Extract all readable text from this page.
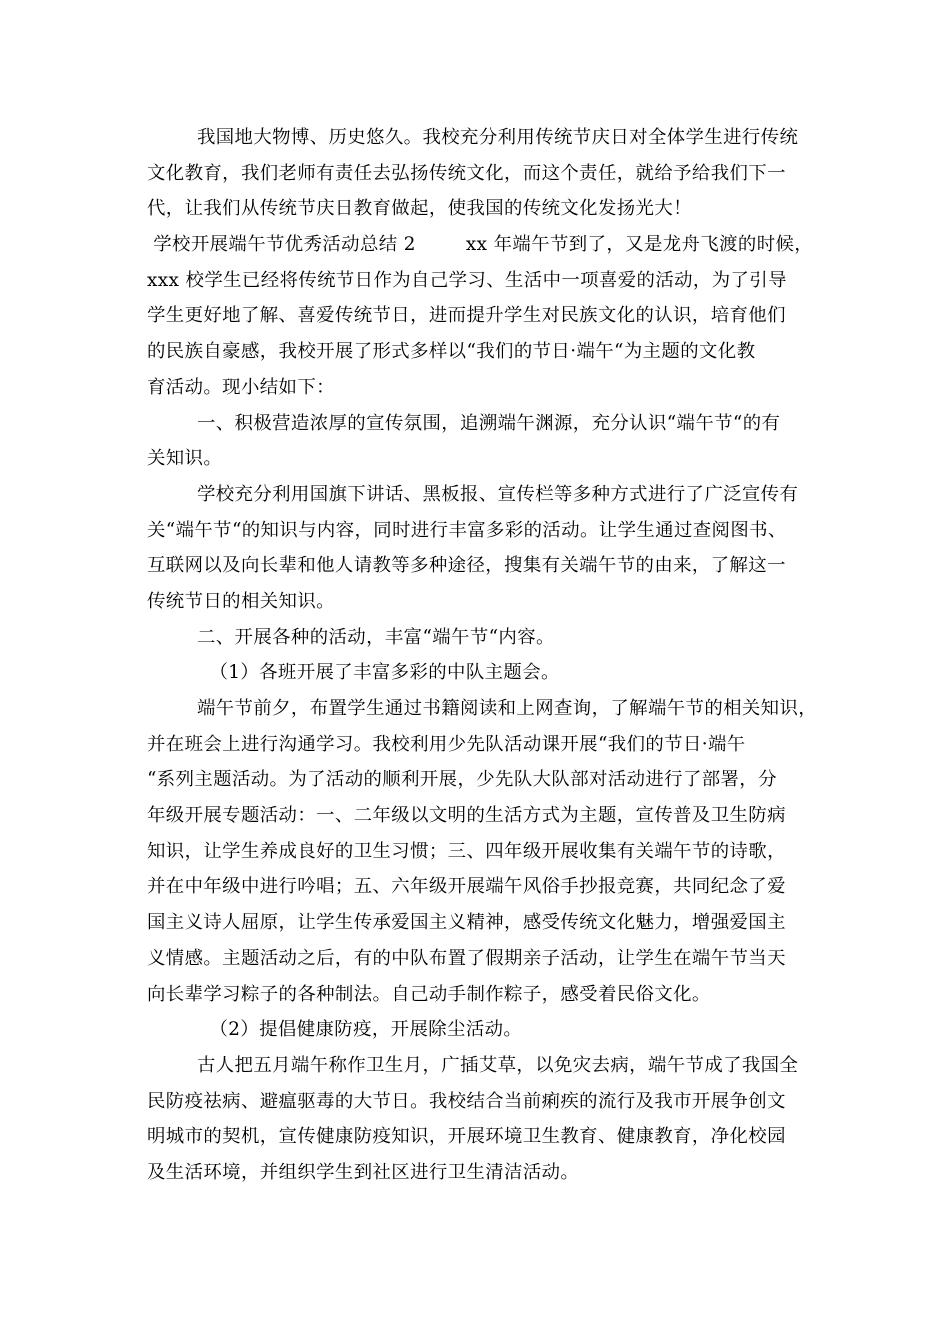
我国地大物博、历史悠久。我校充分利用传统节庆日对全体学生进行传统
文化教育，我们老师有责任去弘扬传统文化，而这个责任，就给予给我们下一
代，让我们从传统节庆日教育做起，使我国的传统文化发扬光大！
学校开展端午节优秀活动总结 2        xx 年端午节到了，又是龙舟飞渡的时候，
xxx 校学生已经将传统节日作为自己学习、生活中一项喜爱的活动，为了引导
学生更好地了解、喜爱传统节日，进而提升学生对民族文化的认识，培育他们
的民族自豪感，我校开展了形式多样以“我们的节日·端午“为主题的文化教
育活动。现小结如下：
一、积极营造浓厚的宣传氛围，追溯端午渊源，充分认识“端午节“的有
关知识。
学校充分利用国旗下讲话、黑板报、宣传栏等多种方式进行了广泛宣传有
关“端午节“的知识与内容，同时进行丰富多彩的活动。让学生通过查阅图书、
互联网以及向长辈和他人请教等多种途径，搜集有关端午节的由来，了解这一
传统节日的相关知识。
二、开展各种的活动，丰富“端午节“内容。
（1）各班开展了丰富多彩的中队主题会。
端午节前夕，布置学生通过书籍阅读和上网查询，了解端午节的相关知识，
并在班会上进行沟通学习。我校利用少先队活动课开展“我们的节日·端午
“系列主题活动。为了活动的顺利开展，少先队大队部对活动进行了部署，分
年级开展专题活动：一、二年级以文明的生活方式为主题，宣传普及卫生防病
知识，让学生养成良好的卫生习惯；三、四年级开展收集有关端午节的诗歌，
并在中年级中进行吟唱；五、六年级开展端午风俗手抄报竞赛，共同纪念了爱
国主义诗人屈原，让学生传承爱国主义精神，感受传统文化魅力，增强爱国主
义情感。主题活动之后，有的中队布置了假期亲子活动，让学生在端午节当天
向长辈学习粽子的各种制法。自己动手制作粽子，感受着民俗文化。
（2）提倡健康防疫，开展除尘活动。
古人把五月端午称作卫生月，广插艾草，以免灾去病，端午节成了我国全
民防疫祛病、避瘟驱毒的大节日。我校结合当前痢疾的流行及我市开展争创文
明城市的契机，宣传健康防疫知识，开展环境卫生教育、健康教育，净化校园
及生活环境，并组织学生到社区进行卫生清洁活动。
